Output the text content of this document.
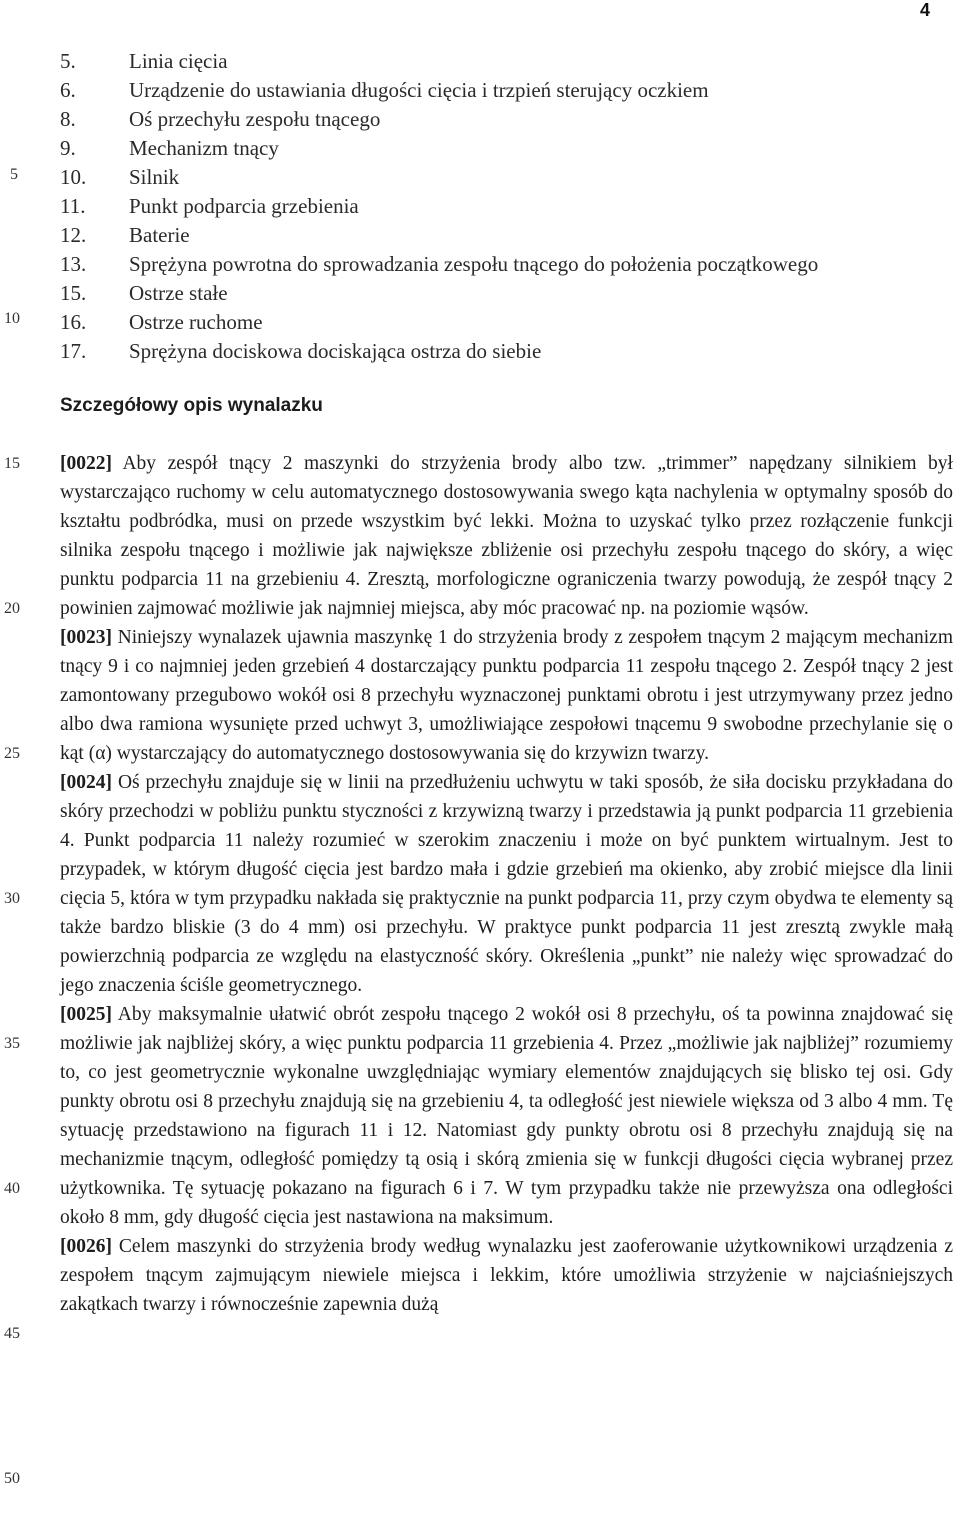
4
5
10
15
20
25
30
35
40
45
50
5.	Linia cięcia
6.	Urządzenie do ustawiania długości cięcia i trzpień sterujący oczkiem
8.	Oś przechyłu zespołu tnącego
9.	Mechanizm tnący
10.	Silnik
11.	Punkt podparcia grzebienia
12.	Baterie
13.	Sprężyna powrotna do sprowadzania zespołu tnącego do położenia początkowego
15.	Ostrze stałe
16.	Ostrze ruchome
17.	Sprężyna dociskowa dociskająca ostrza do siebie
Szczegółowy opis wynalazku

[0022] Aby zespół tnący 2 maszynki do strzyżenia brody albo tzw. „trimmer” napędzany silnikiem był wystarczająco ruchomy w celu automatycznego dostosowywania swego kąta nachylenia w optymalny sposób do kształtu podbródka, musi on przede wszystkim być lekki. Można to uzyskać tylko przez rozłączenie funkcji silnika zespołu tnącego i możliwie jak największe zbliżenie osi przechyłu zespołu tnącego do skóry, a więc punktu podparcia 11 na grzebieniu 4. Zresztą, morfologiczne ograniczenia twarzy powodują, że zespół tnący 2 powinien zajmować możliwie jak najmniej miejsca, aby móc pracować np. na poziomie wąsów.

[0023] Niniejszy wynalazek ujawnia maszynkę 1 do strzyżenia brody z zespołem tnącym 2 mającym mechanizm tnący 9 i co najmniej jeden grzebień 4 dostarczający punktu podparcia 11 zespołu tnącego 2. Zespół tnący 2 jest zamontowany przegubowo wokół osi 8 przechyłu wyznaczonej punktami obrotu i jest utrzymywany przez jedno albo dwa ramiona wysunięte przed uchwyt 3, umożliwiające zespołowi tnącemu 9 swobodne przechylanie się o kąt (α) wystarczający do automatycznego dostosowywania się do krzywizn twarzy.

[0024] Oś przechyłu znajduje się w linii na przedłużeniu uchwytu w taki sposób, że siła docisku przykładana do skóry przechodzi w pobliżu punktu styczności z krzywizną twarzy i przedstawia ją punkt podparcia 11 grzebienia 4. Punkt podparcia 11 należy rozumieć w szerokim znaczeniu i może on być punktem wirtualnym. Jest to przypadek, w którym długość cięcia jest bardzo mała i gdzie grzebień ma okienko, aby zrobić miejsce dla linii cięcia 5, która w tym przypadku nakłada się praktycznie na punkt podparcia 11, przy czym obydwa te elementy są także bardzo bliskie (3 do 4 mm) osi przechyłu. W praktyce punkt podparcia 11 jest zresztą zwykle małą powierzchnią podparcia ze względu na elastyczność skóry. Określenia „punkt” nie należy więc sprowadzać do jego znaczenia ściśle geometrycznego.

[0025] Aby maksymalnie ułatwić obrót zespołu tnącego 2 wokół osi 8 przechyłu, oś ta powinna znajdować się możliwie jak najbliżej skóry, a więc punktu podparcia 11 grzebienia 4. Przez „możliwie jak najbliżej” rozumiemy to, co jest geometrycznie wykonalne uwzględniając wymiary elementów znajdujących się blisko tej osi. Gdy punkty obrotu osi 8 przechyłu znajdują się na grzebieniu 4, ta odległość jest niewiele większa od 3 albo 4 mm. Tę sytuację przedstawiono na figurach 11 i 12. Natomiast gdy punkty obrotu osi 8 przechyłu znajdują się na mechanizmie tnącym, odległość pomiędzy tą osią i skórą zmienia się w funkcji długości cięcia wybranej przez użytkownika. Tę sytuację pokazano na figurach 6 i 7. W tym przypadku także nie przewyższa ona odległości około 8 mm, gdy długość cięcia jest nastawiona na maksimum.

[0026] Celem maszynki do strzyżenia brody według wynalazku jest zaoferowanie użytkownikowi urządzenia z zespołem tnącym zajmującym niewiele miejsca i lekkim, które umożliwia strzyżenie w najciaśniejszych zakątkach twarzy i równocześnie zapewnia dużą
